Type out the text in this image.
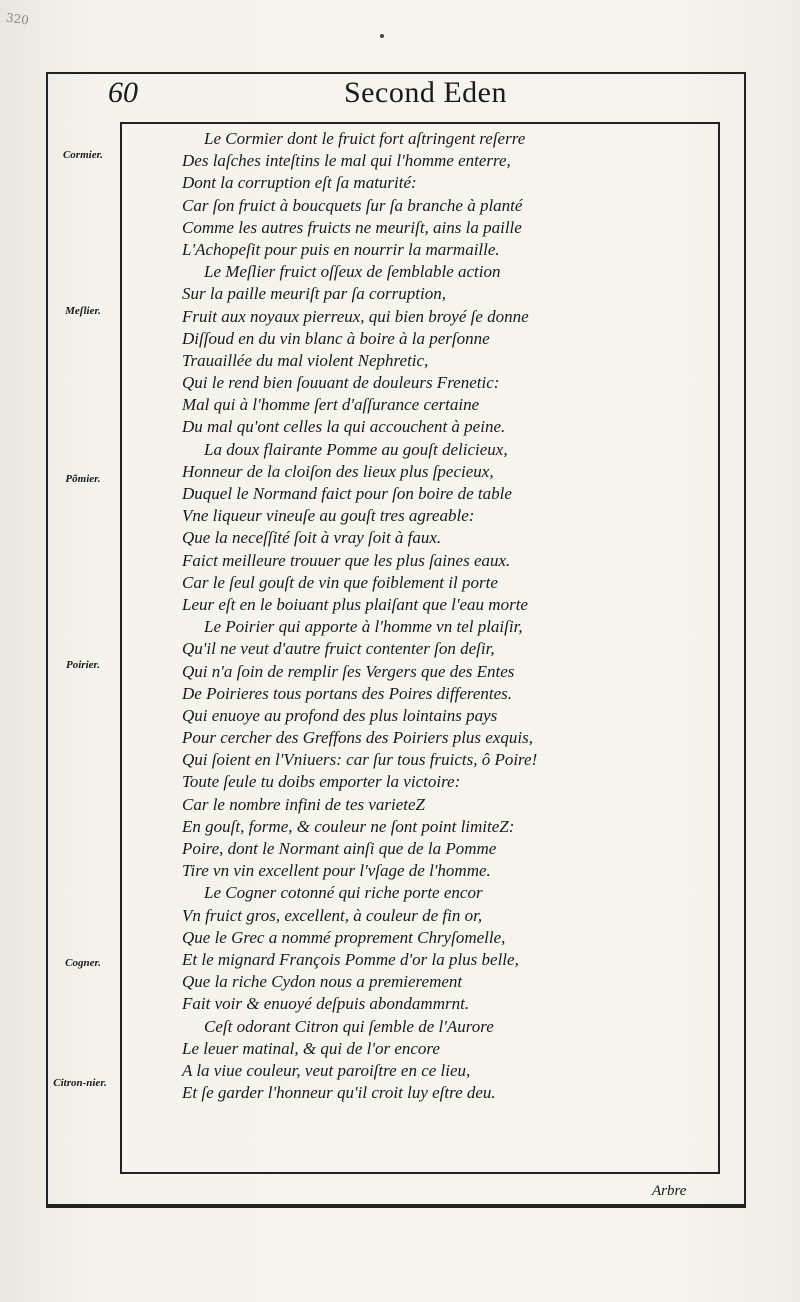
320
60	Second Eden
Cormier.
Meſlier.
Põmier.
Poirier.
Cogner.
Citron-nier.
Le Cormier dont le fruict fort aſtringent reſerre
Des laſches inteſtins le mal qui l'homme enterre,
Dont la corruption eſt ſa maturité:
Car ſon fruict à boucquets ſur ſa branche à planté
Comme les autres fruicts ne meuriſt, ains la paille
L'Achopeſit pour puis en nourrir la marmaille.
Le Meſlier fruict oſſeux de ſemblable action
Sur la paille meuriſt par ſa corruption,
Fruit aux noyaux pierreux, qui bien broyé ſe donne
Diſſoud en du vin blanc à boire à la perſonne
Trauaillée du mal violent Nephretic,
Qui le rend bien ſouuant de douleurs Frenetic:
Mal qui à l'homme ſert d'aſſurance certaine
Du mal qu'ont celles la qui accouchent à peine.
La doux flairante Pomme au gouſt delicieux,
Honneur de la cloiſon des lieux plus ſpecieux,
Duquel le Normand faict pour ſon boire de table
Vne liqueur vineuſe au gouſt tres agreable:
Que la neceſſité ſoit à vray ſoit à faux.
Faict meilleure trouuer que les plus ſaines eaux.
Car le ſeul gouſt de vin que foiblement il porte
Leur eſt en le boiuant plus plaiſant que l'eau morte
Le Poirier qui apporte à l'homme vn tel plaiſir,
Qu'il ne veut d'autre fruict contenter ſon deſir,
Qui n'a ſoin de remplir ſes Vergers que des Entes
De Poirieres tous portans des Poires differentes.
Qui enuoye au profond des plus lointains pays
Pour cercher des Greffons des Poiriers plus exquis,
Qui ſoient en l'Vniuers: car ſur tous fruicts, ô Poire!
Toute ſeule tu doibs emporter la victoire:
Car le nombre infini de tes varieteZ
En gouſt, forme, & couleur ne ſont point limiteZ:
Poire, dont le Normant ainſi que de la Pomme
Tire vn vin excellent pour l'vſage de l'homme.
Le Cogner cotonné qui riche porte encor
Vn fruict gros, excellent, à couleur de fin or,
Que le Grec a nommé proprement Chryſomelle,
Et le mignard François Pomme d'or la plus belle,
Que la riche Cydon nous a premierement
Fait voir & enuoyé deſpuis abondammrnt.
Ceſt odorant Citron qui ſemble de l'Aurore
Le leuer matinal, & qui de l'or encore
A la viue couleur, veut paroiſtre en ce lieu,
Et ſe garder l'honneur qu'il croit luy eſtre deu.
Arbre
